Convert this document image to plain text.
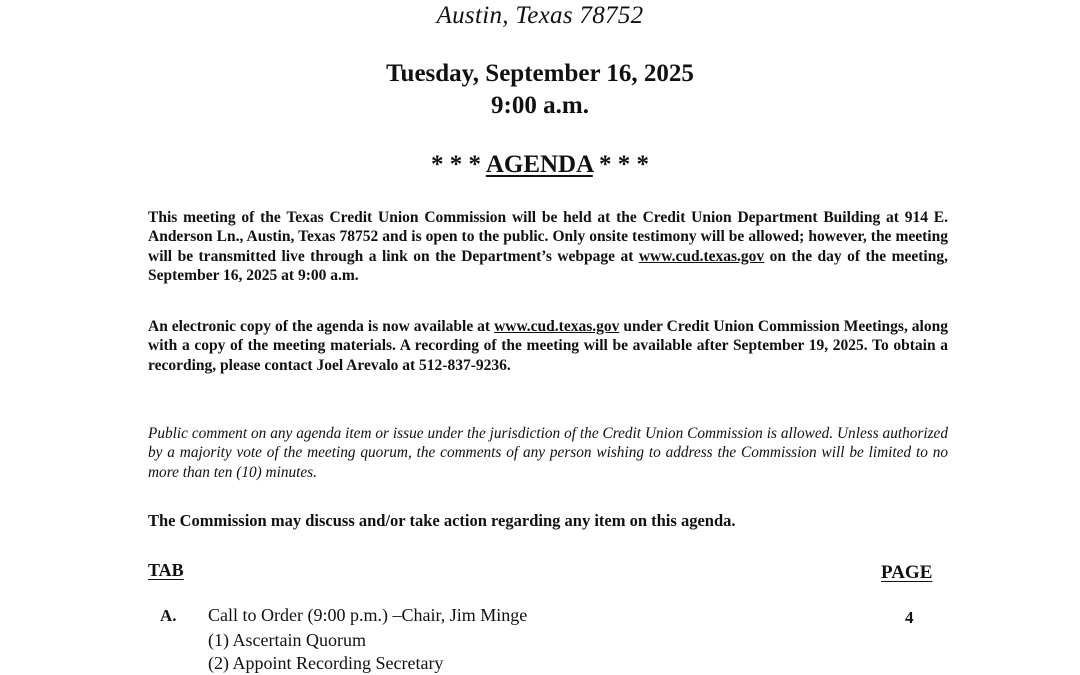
Austin, Texas 78752
Tuesday, September 16, 2025
9:00 a.m.
* * * AGENDA * * *
This meeting of the Texas Credit Union Commission will be held at the Credit Union Department Building at 914 E. Anderson Ln., Austin, Texas 78752 and is open to the public. Only onsite testimony will be allowed; however, the meeting will be transmitted live through a link on the Department’s webpage at www.cud.texas.gov on the day of the meeting, September 16, 2025 at 9:00 a.m.
An electronic copy of the agenda is now available at www.cud.texas.gov under Credit Union Commission Meetings, along with a copy of the meeting materials. A recording of the meeting will be available after September 19, 2025. To obtain a recording, please contact Joel Arevalo at 512-837-9236.
Public comment on any agenda item or issue under the jurisdiction of the Credit Union Commission is allowed. Unless authorized by a majority vote of the meeting quorum, the comments of any person wishing to address the Commission will be limited to no more than ten (10) minutes.
The Commission may discuss and/or take action regarding any item on this agenda.
TAB	PAGE
A. Call to Order (9:00 p.m.) –Chair, Jim Minge	4
(1) Ascertain Quorum
(2) Appoint Recording Secretary
